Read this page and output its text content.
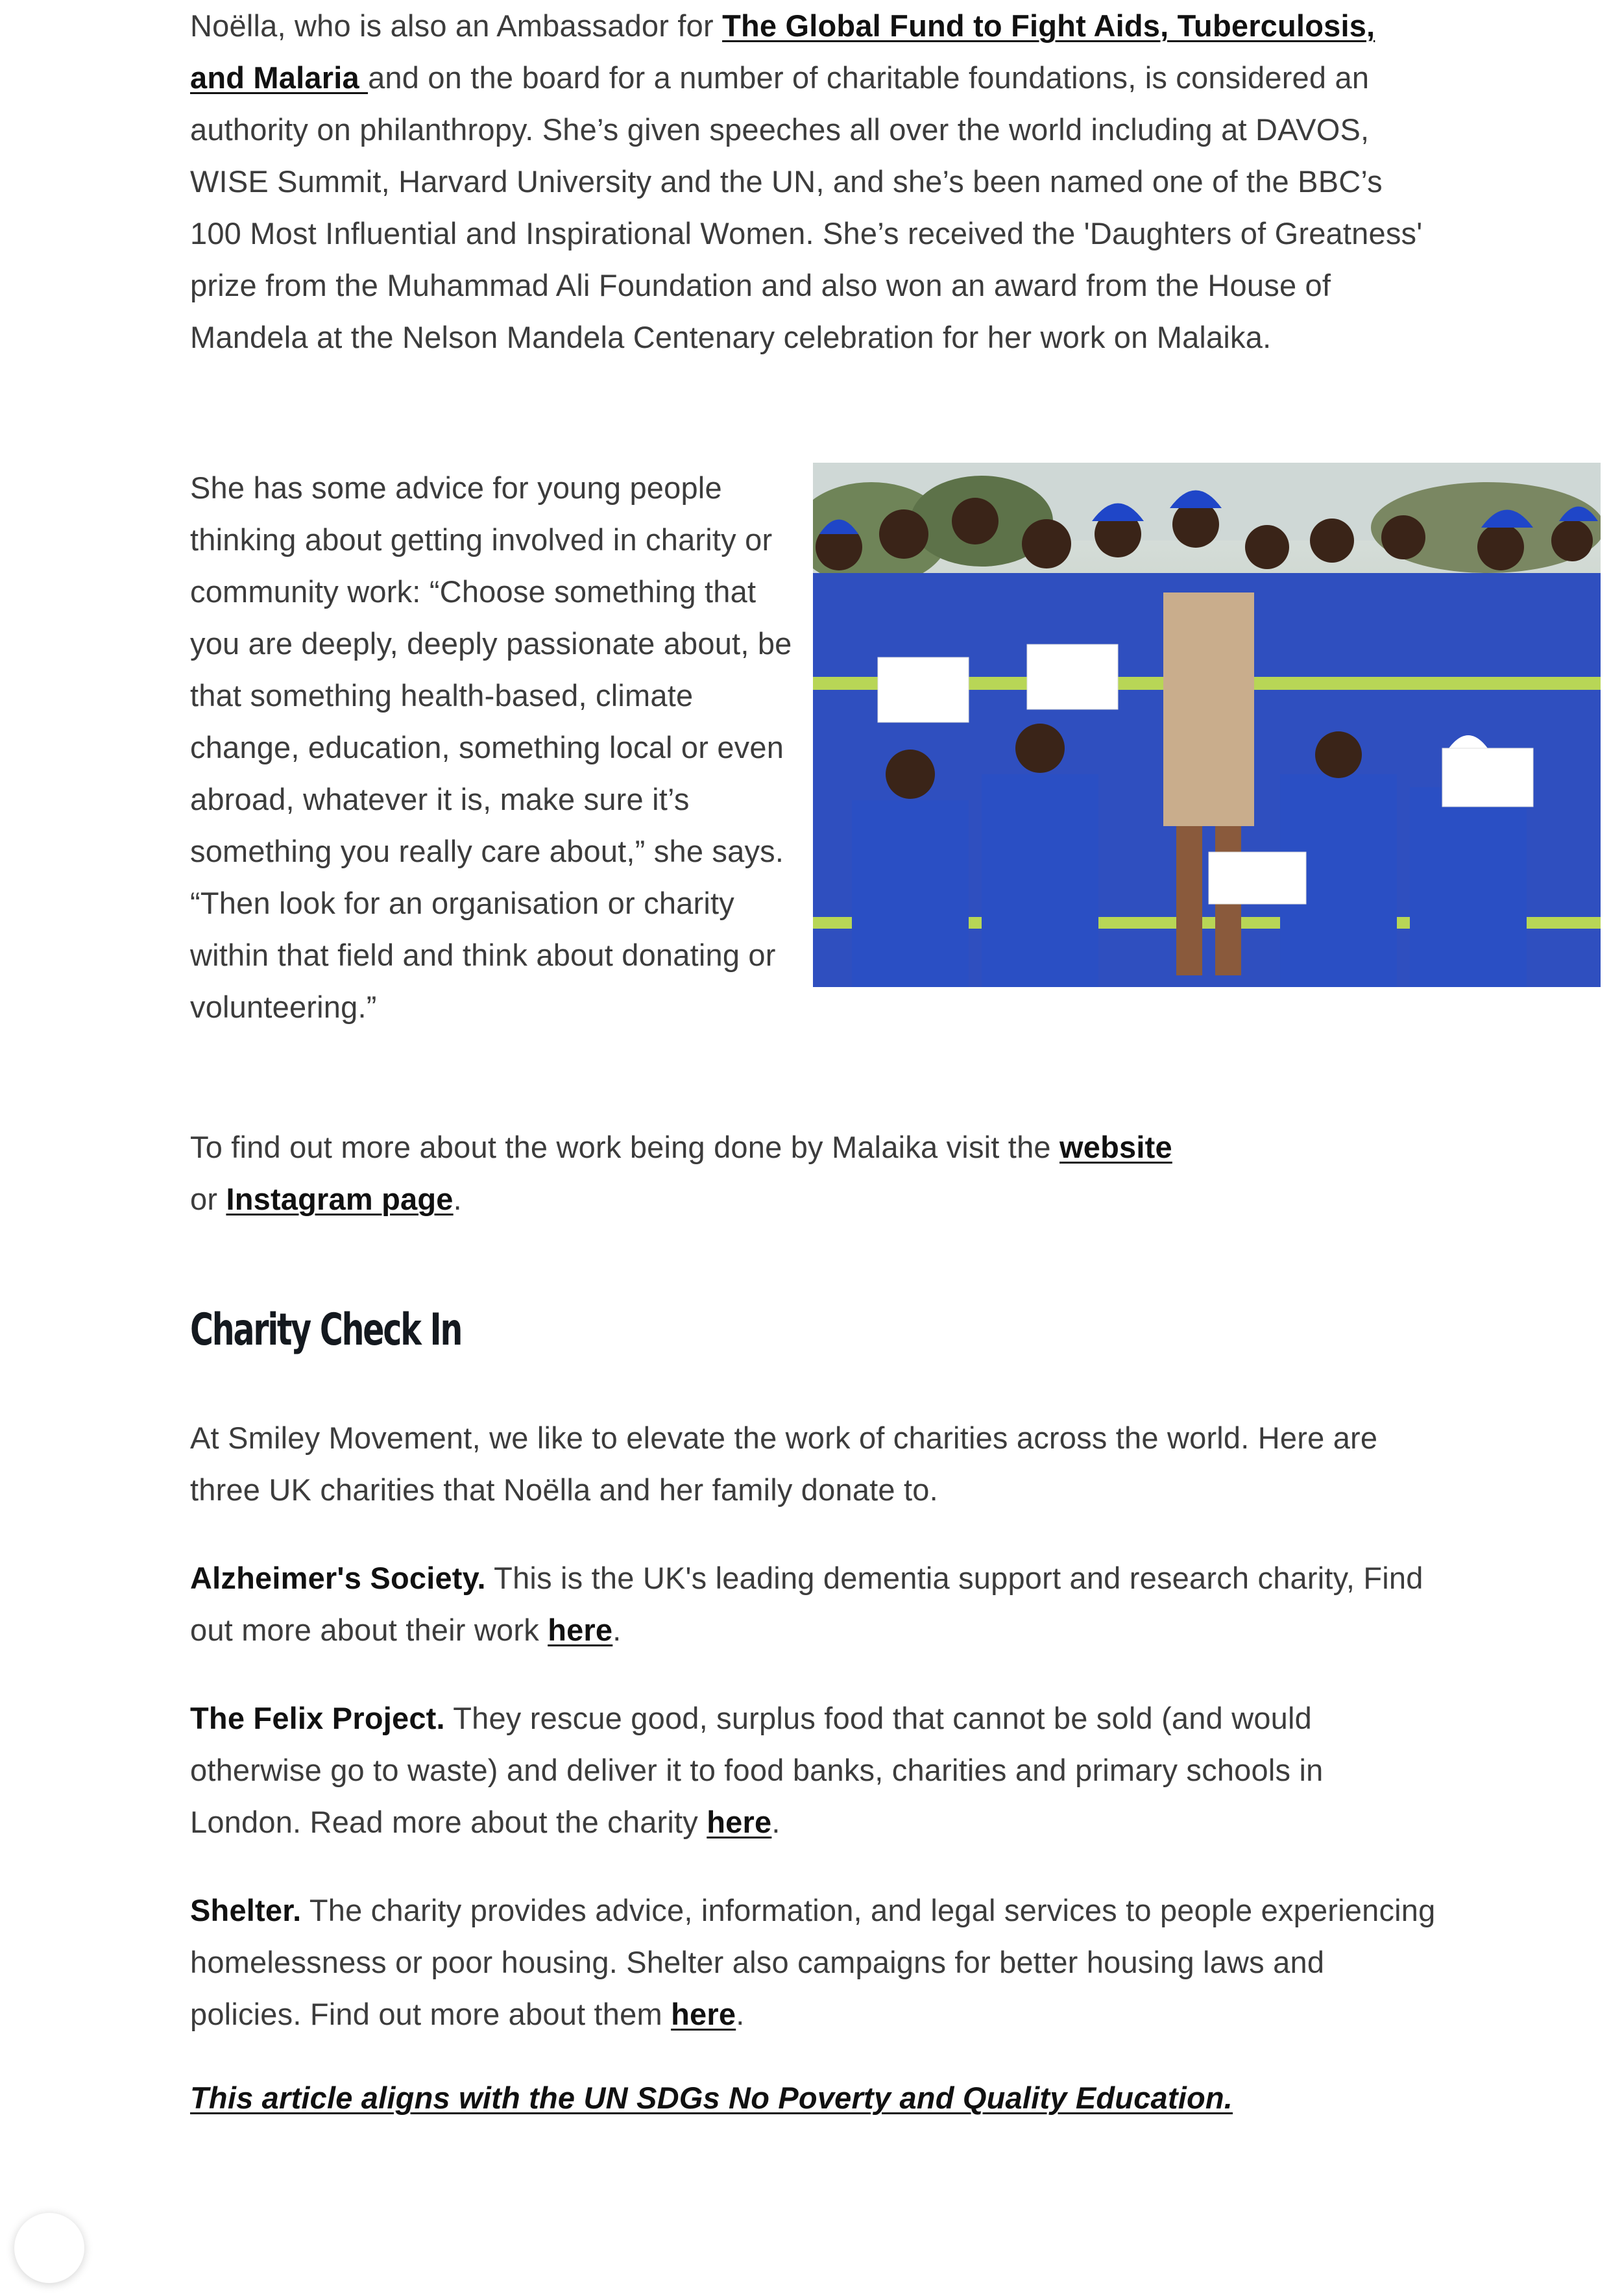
Noëlla, who is also an Ambassador for The Global Fund to Fight Aids, Tuberculosis, and Malaria and on the board for a number of charitable foundations, is considered an authority on philanthropy. She’s given speeches all over the world including at DAVOS, WISE Summit, Harvard University and the UN, and she’s been named one of the BBC’s 100 Most Influential and Inspirational Women. She’s received the 'Daughters of Greatness' prize from the Muhammad Ali Foundation and also won an award from the House of Mandela at the Nelson Mandela Centenary celebration for her work on Malaika.

She has some advice for young people thinking about getting involved in charity or community work: “Choose something that you are deeply, deeply passionate about, be that something health-based, climate change, education, something local or even abroad, whatever it is, make sure it’s something you really care about,” she says. “Then look for an organisation or charity within that field and think about donating or volunteering.”

To find out more about the work being done by Malaika visit the website
or Instagram page.

Charity Check In

At Smiley Movement, we like to elevate the work of charities across the world. Here are three UK charities that Noëlla and her family donate to.

Alzheimer's Society. This is the UK's leading dementia support and research charity, Find out more about their work here.

The Felix Project. They rescue good, surplus food that cannot be sold (and would otherwise go to waste) and deliver it to food banks, charities and primary schools in London. Read more about the charity here.

Shelter. The charity provides advice, information, and legal services to people experiencing homelessness or poor housing. Shelter also campaigns for better housing laws and policies. Find out more about them here.

This article aligns with the UN SDGs No Poverty and Quality Education.
